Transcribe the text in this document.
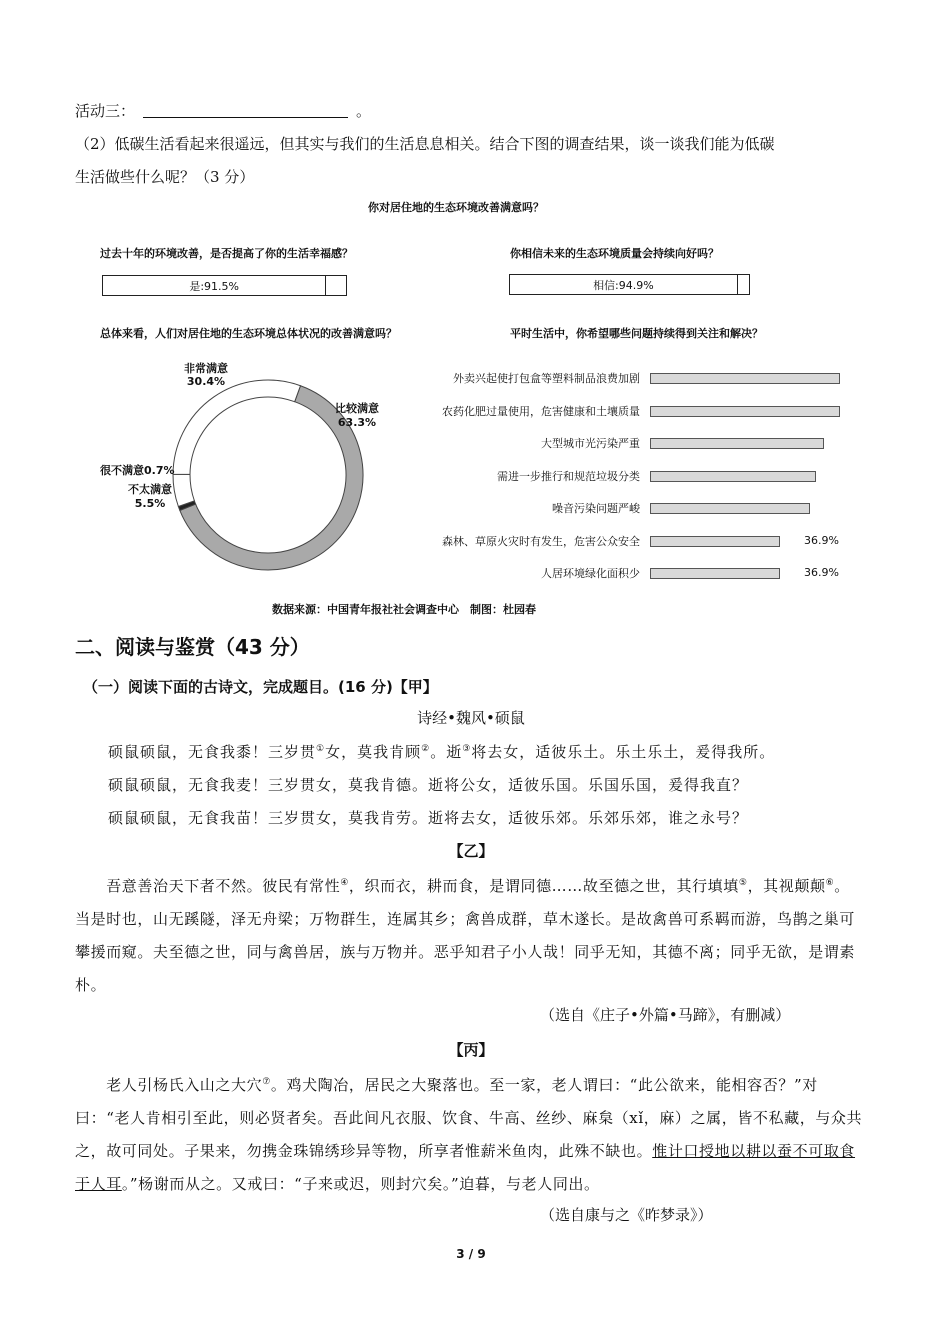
活动三：	。
（2）低碳生活看起来很遥远，但其实与我们的生活息息相关。结合下图的调查结果，谈一谈我们能为低碳
生活做些什么呢？（3 分）
你对居住地的生态环境改善满意吗？
过去十年的环境改善，是否提高了你的生活幸福感？
是:91.5%
你相信未来的生态环境质量会持续向好吗？
相信:94.9%
总体来看，人们对居住地的生态环境总体状况的改善满意吗？	平时生活中，你希望哪些问题持续得到关注和解决？
非常满意
30.4%
比较满意
63.3%
很不满意0.7%
不太满意
5.5%
外卖兴起使打包盒等塑料制品浪费加剧
农药化肥过量使用，危害健康和土壤质量
大型城市光污染严重
需进一步推行和规范垃圾分类
噪音污染问题严峻
森林、草原火灾时有发生，危害公众安全	36.9%
人居环境绿化面积少	36.9%
数据来源：中国青年报社社会调查中心　制图：杜园春
二、阅读与鉴赏（43 分）
（一）阅读下面的古诗文，完成题目。(16 分)【甲】
诗经•魏风•硕鼠
硕鼠硕鼠，无食我黍！三岁贯①女，莫我肯顾②。逝③将去女，适彼乐土。乐土乐土，爰得我所。
硕鼠硕鼠，无食我麦！三岁贯女，莫我肯德。逝将公女，适彼乐国。乐国乐国，爰得我直？
硕鼠硕鼠，无食我苗！三岁贯女，莫我肯劳。逝将去女，适彼乐郊。乐郊乐郊，谁之永号？
【乙】
　　吾意善治天下者不然。彼民有常性④，织而衣，耕而食，是谓同德……故至德之世，其行填填⑤，其视颠颠⑥。当是时也，山无蹊隧，泽无舟梁；万物群生，连属其乡；禽兽成群，草木遂长。是故禽兽可系羁而游，鸟鹊之巢可攀援而窥。夫至德之世，同与禽兽居，族与万物并。恶乎知君子小人哉！同乎无知，其德不离；同乎无欲，是谓素朴。
（选自《庄子•外篇•马蹄》，有删减）
【丙】
　　老人引杨氏入山之大穴⑦。鸡犬陶冶，居民之大聚落也。至一家，老人谓曰：“此公欲来，能相容否？”对曰：“老人肯相引至此，则必贤者矣。吾此间凡衣服、饮食、牛高、丝纱、麻枲（xǐ，麻）之属，皆不私藏，与众共之，故可同处。子果来，勿携金珠锦绣珍异等物，所享者惟薪米鱼肉，此殊不缺也。惟计口授地以耕以蚕不可取食于人耳。”杨谢而从之。又戒曰：“子来或迟，则封穴矣。”迫暮，与老人同出。
（选自康与之《昨梦录》）
3 / 9
